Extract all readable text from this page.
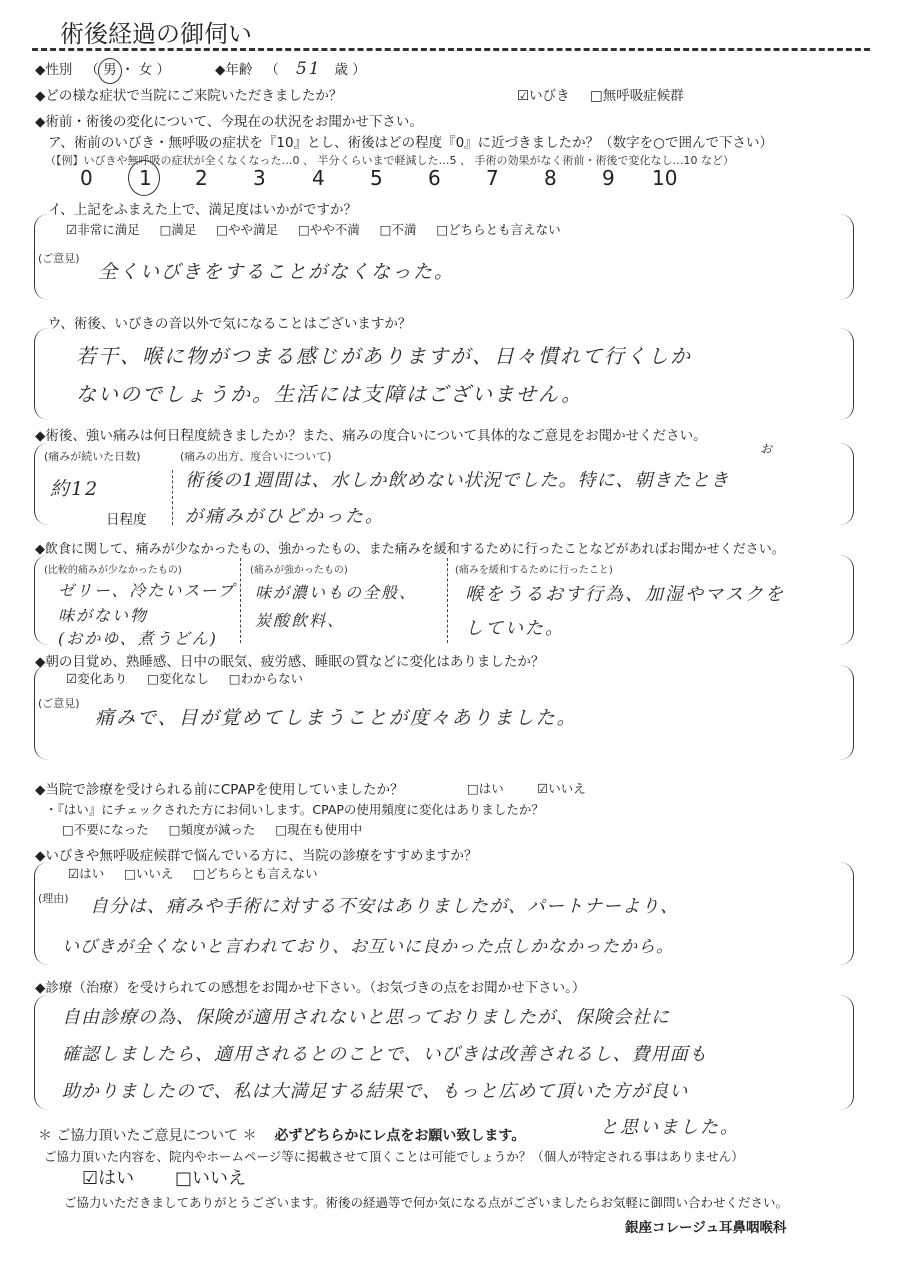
術後経過の御伺い
◆性別 （ 男 ・ 女 ）	◆年齢 （ 51 歳 ）
◆どの様な症状で当院にご来院いただきましたか？	☑いびき □無呼吸症候群
◆術前・術後の変化について、今現在の状況をお聞かせ下さい。
ア、術前のいびき・無呼吸の症状を『10』とし、術後はどの程度『0』に近づきましたか？（数字を○で囲んで下さい）
（【例】いびきや無呼吸の症状が全くなくなった…0 、 半分くらいまで軽減した…5 、 手術の効果がなく術前・術後で変化なし…10 など）
0 1 2 3 4 5 6 7 8 9 10
イ、上記をふまえた上で、満足度はいかがですか？
☑非常に満足 □満足 □やや満足 □やや不満 □不満 □どちらとも言えない
(ご意見)
全くいびきをすることがなくなった。
ウ、術後、いびきの音以外で気になることはございますか？
若干、喉に物がつまる感じがありますが、日々慣れて行くしか
ないのでしょうか。生活には支障はございません。
◆術後、強い痛みは何日程度続きましたか？また、痛みの度合いについて具体的なご意見をお聞かせください。
(痛みが続いた日数)
約12
日程度
(痛みの出方、度合いについて)
お
術後の1週間は、水しか飲めない状況でした。特に、朝きたとき
が痛みがひどかった。
◆飲食に関して、痛みが少なかったもの、強かったもの、また痛みを緩和するために行ったことなどがあればお聞かせください。
(比較的痛みが少なかったもの)
ゼリー、冷たいスープ
味がない物
(おかゆ、煮うどん)
(痛みが強かったもの)
味が濃いもの全般、
炭酸飲料、
(痛みを緩和するために行ったこと)
喉をうるおす行為、加湿やマスクを
していた。
◆朝の目覚め、熟睡感、日中の眠気、疲労感、睡眠の質などに変化はありましたか？
☑変化あり □変化なし □わからない
(ご意見)
痛みで、目が覚めてしまうことが度々ありました。
◆当院で診療を受けられる前にCPAPを使用していましたか？	□はい	☑いいえ
・『はい』にチェックされた方にお伺いします。CPAPの使用頻度に変化はありましたか？
□不要になった □頻度が減った □現在も使用中
◆いびきや無呼吸症候群で悩んでいる方に、当院の診療をすすめますか？
☑はい □いいえ □どちらとも言えない
(理由) 自分は、痛みや手術に対する不安はありましたが、パートナーより、
いびきが全くないと言われており、お互いに良かった点しかなかったから。
◆診療（治療）を受けられての感想をお聞かせ下さい。（お気づきの点をお聞かせ下さい。）
自由診療の為、保険が適用されないと思っておりましたが、保険会社に
確認しましたら、適用されるとのことで、いびきは改善されるし、費用面も
助かりましたので、私は大満足する結果で、もっと広めて頂いた方が良い
と思いました。
＊ ご協力頂いたご意見について ＊ 必ずどちらかにレ点をお願い致します。
ご協力頂いた内容を、院内やホームページ等に掲載させて頂くことは可能でしょうか？（個人が特定される事はありません）
☑はい □いいえ
ご協力いただきましてありがとうございます。術後の経過等で何か気になる点がございましたらお気軽に御問い合わせください。
銀座コレージュ耳鼻咽喉科
